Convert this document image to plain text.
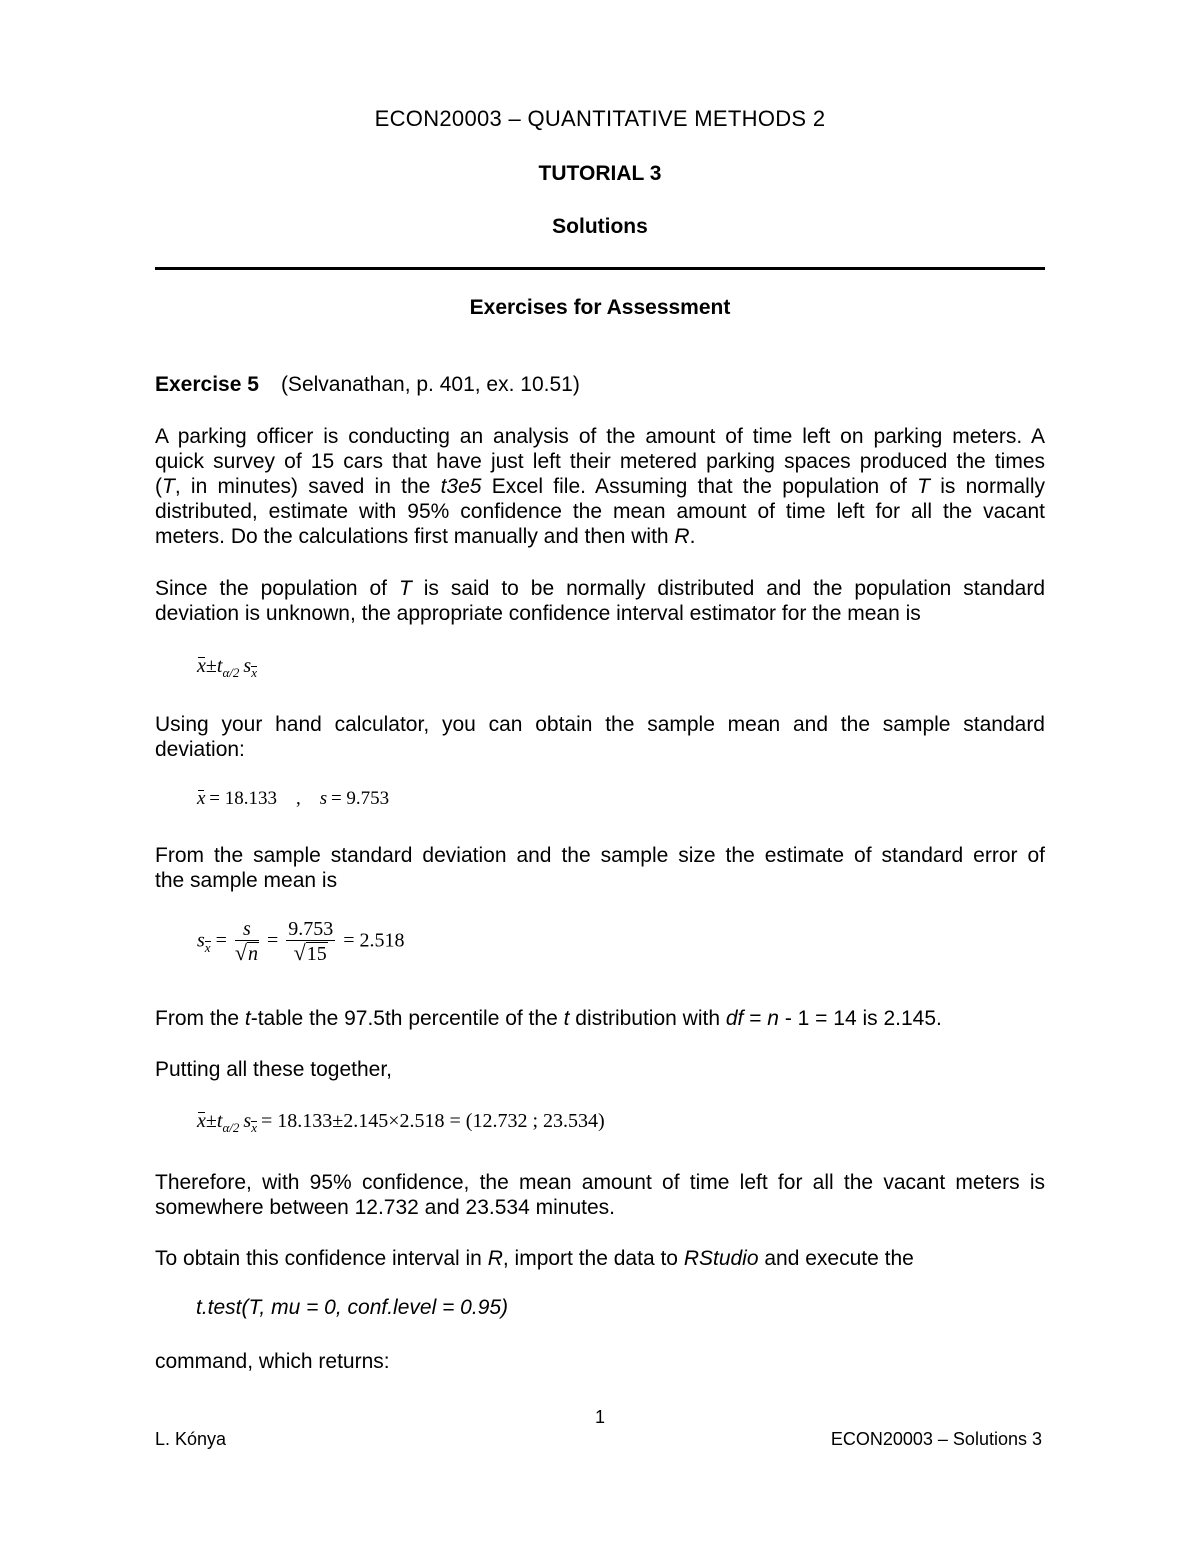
ECON20003 – QUANTITATIVE METHODS 2
TUTORIAL 3
Solutions
Exercises for Assessment
Exercise 5 (Selvanathan, p. 401, ex. 10.51)
A parking officer is conducting an analysis of the amount of time left on parking meters. A
quick survey of 15 cars that have just left their metered parking spaces produced the times
(T, in minutes) saved in the t3e5 Excel file. Assuming that the population of T is normally
distributed, estimate with 95% confidence the mean amount of time left for all the vacant
meters. Do the calculations first manually and then with R.
Since the population of T is said to be normally distributed and the population standard
deviation is unknown, the appropriate confidence interval estimator for the mean is
$x\pm t_{\alpha/2}$  sx
Using your hand calculator, you can obtain the sample mean and the sample standard
deviation:
x  = 18.133  ,  s  = 9.753
From the sample standard deviation and the sample size the estimate of standard error of
the sample mean is
sx = $\frac{s}{√n} = \frac{9.753}{√15} = 2.518$
From the t-table the 97.5th percentile of the t distribution with df = n - 1 = 14 is 2.145.
Putting all these together,
$x\pm t_{\alpha/2}$  sx  = 18.133±2.145×2.518 = (12.732 ; 23.534)
Therefore, with 95% confidence, the mean amount of time left for all the vacant meters is
somewhere between 12.732 and 23.534 minutes.
To obtain this confidence interval in R, import the data to RStudio and execute the
t.test(T, mu = 0, conf.level = 0.95)
command, which returns:
1
L. Kónya	ECON20003 – Solutions 3
